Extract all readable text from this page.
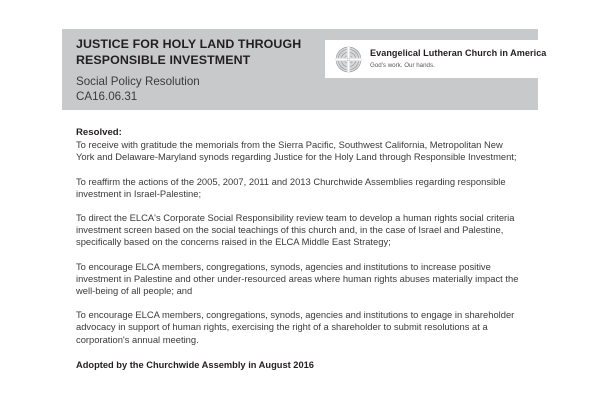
JUSTICE FOR HOLY LAND THROUGH RESPONSIBLE INVESTMENT

Social Policy Resolution

CA16.06.31

Evangelical Lutheran Church in America
God's work. Our hands.

Resolved:

To receive with gratitude the memorials from the Sierra Pacific, Southwest California, Metropolitan New York and Delaware-Maryland synods regarding Justice for the Holy Land through Responsible Investment;

To reaffirm the actions of the 2005, 2007, 2011 and 2013 Churchwide Assemblies regarding responsible investment in Israel-Palestine;

To direct the ELCA's Corporate Social Responsibility review team to develop a human rights social criteria investment screen based on the social teachings of this church and, in the case of Israel and Palestine, specifically based on the concerns raised in the ELCA Middle East Strategy;

To encourage ELCA members, congregations, synods, agencies and institutions to increase positive investment in Palestine and other under-resourced areas where human rights abuses materially impact the well-being of all people; and

To encourage ELCA members, congregations, synods, agencies and institutions to engage in shareholder advocacy in support of human rights, exercising the right of a shareholder to submit resolutions at a corporation's annual meeting.

Adopted by the Churchwide Assembly in August 2016
